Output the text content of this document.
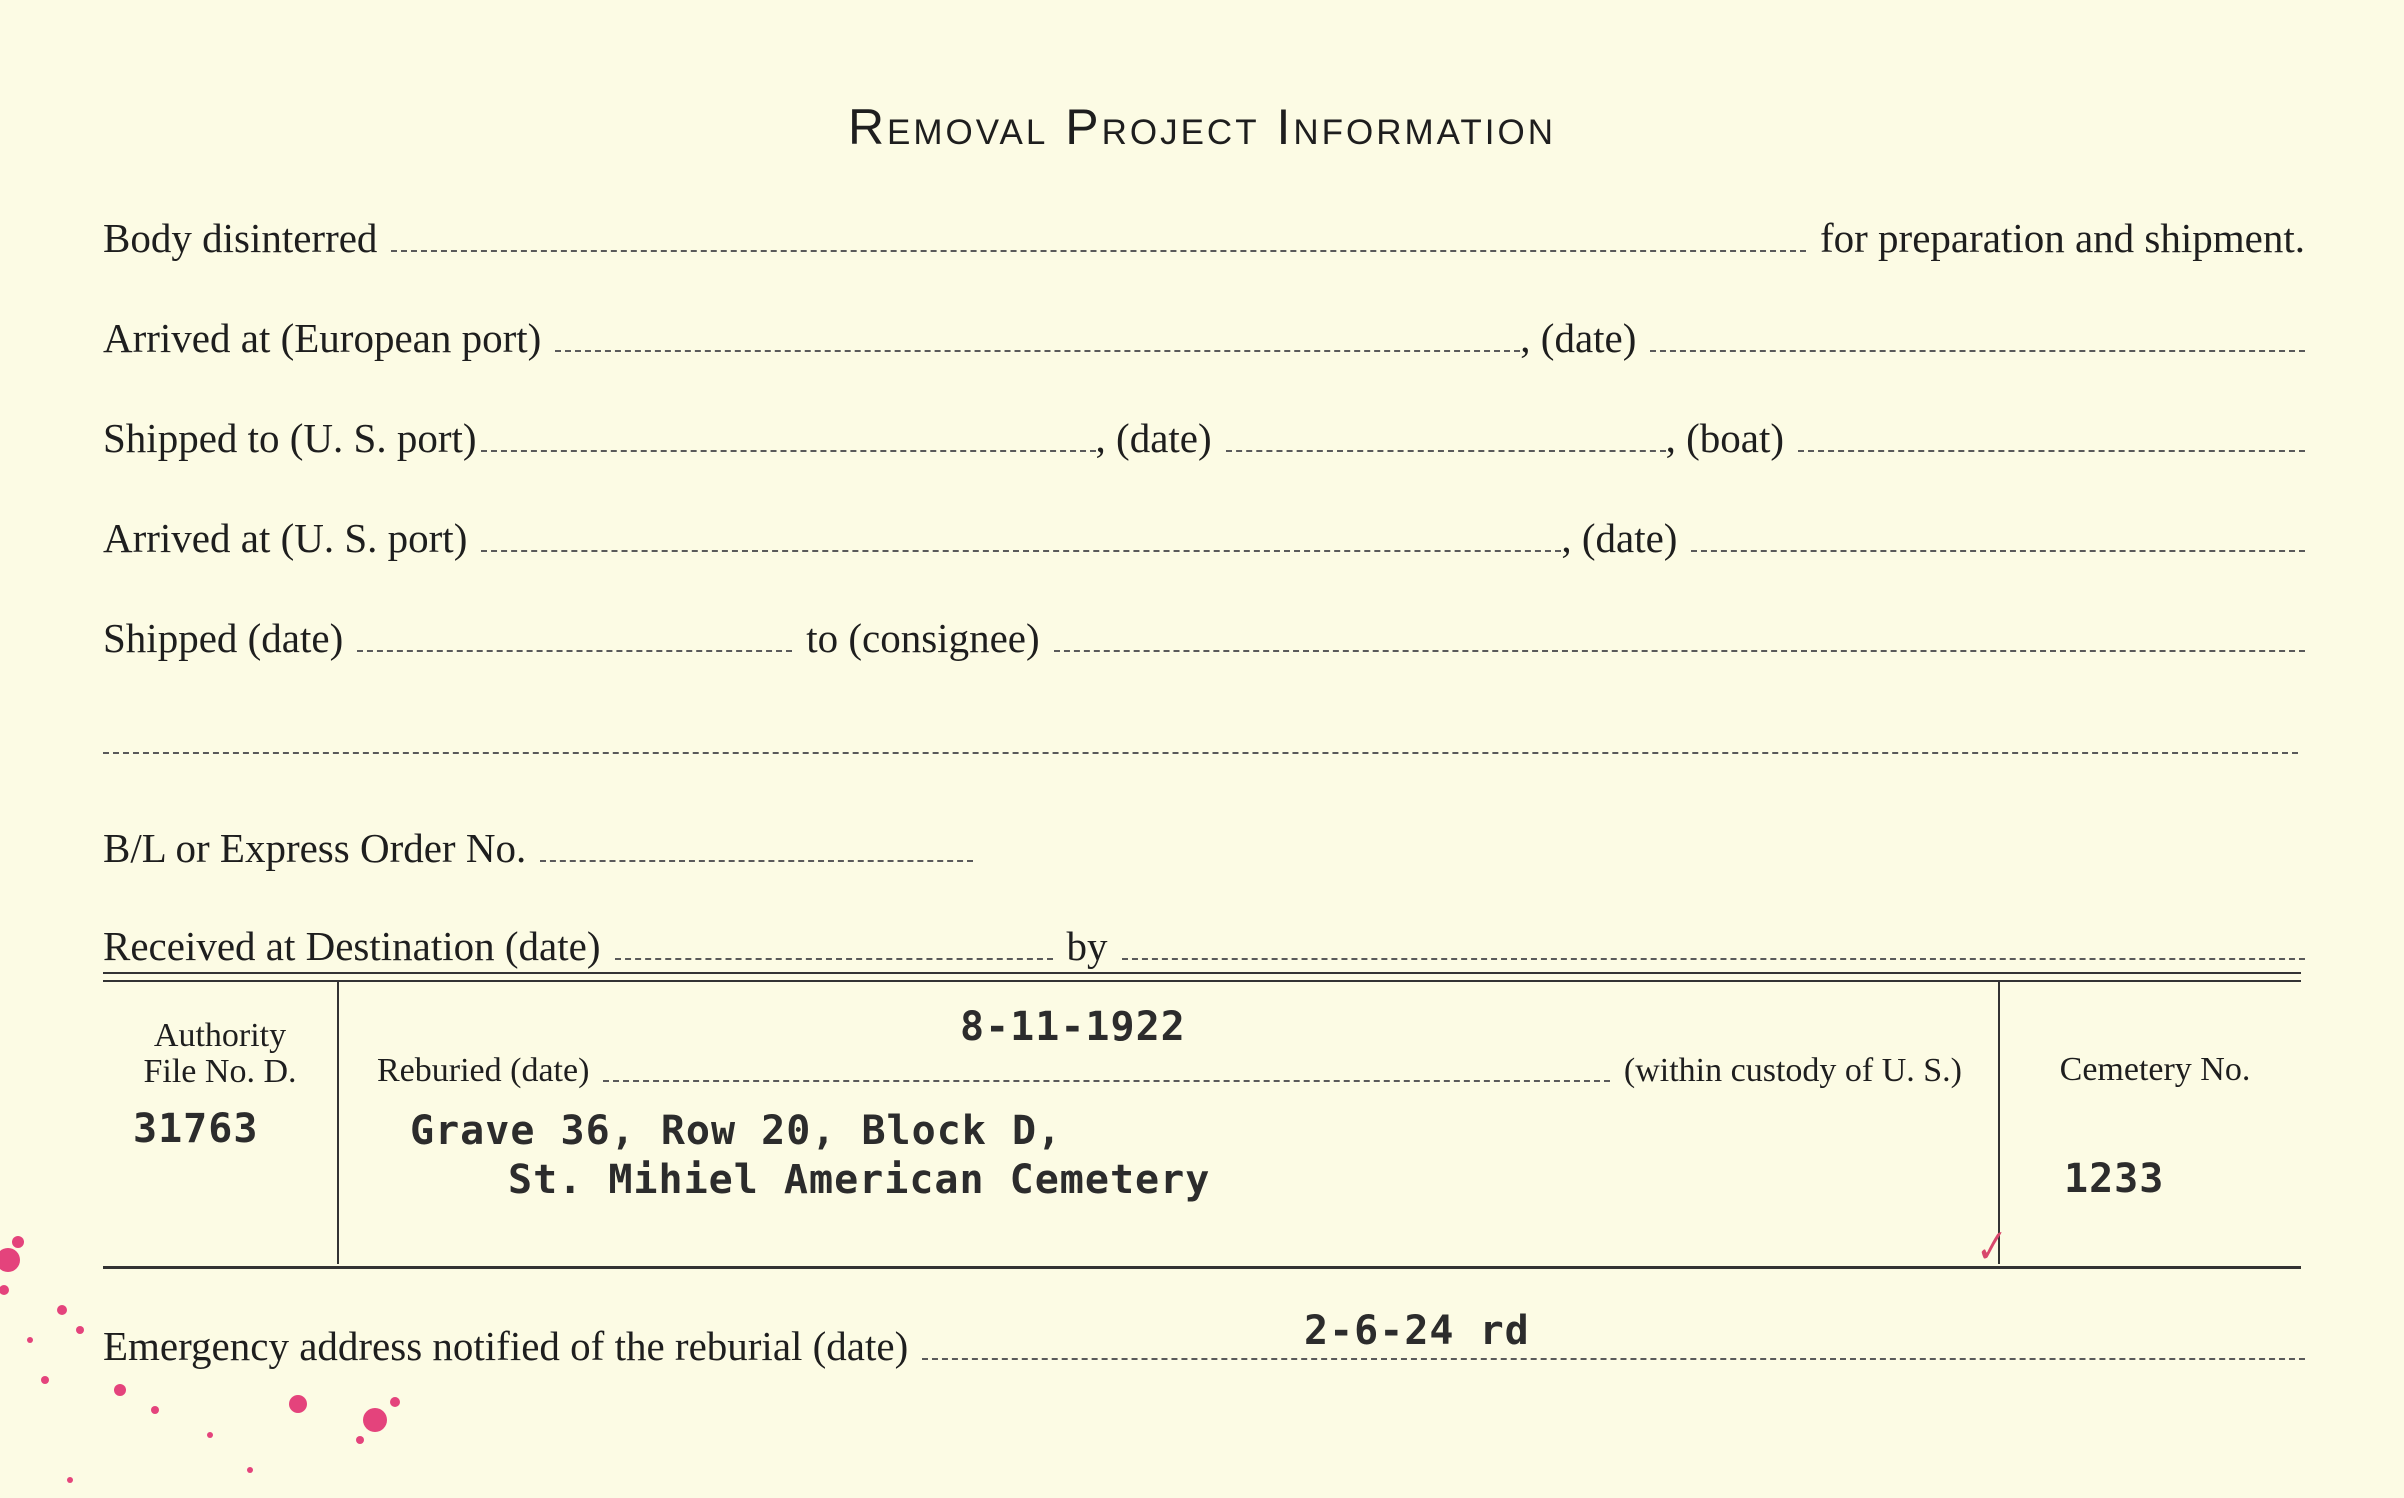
Removal Project Information
Body disinterred	for preparation and shipment.
Arrived at (European port)	, (date)
Shipped to (U. S. port)	, (date)	, (boat)
Arrived at (U. S. port)	, (date)
Shipped (date)	to (consignee)
B/L or Express Order No.
Received at Destination (date)	by
Authority
File No. D.
31763
8-11-1922
Reburied (date)	(within custody of U. S.)
Grave 36, Row 20, Block D,
St. Mihiel American Cemetery
Cemetery No.
1233
✓
Emergency address notified of the reburial (date)	2-6-24 rd
